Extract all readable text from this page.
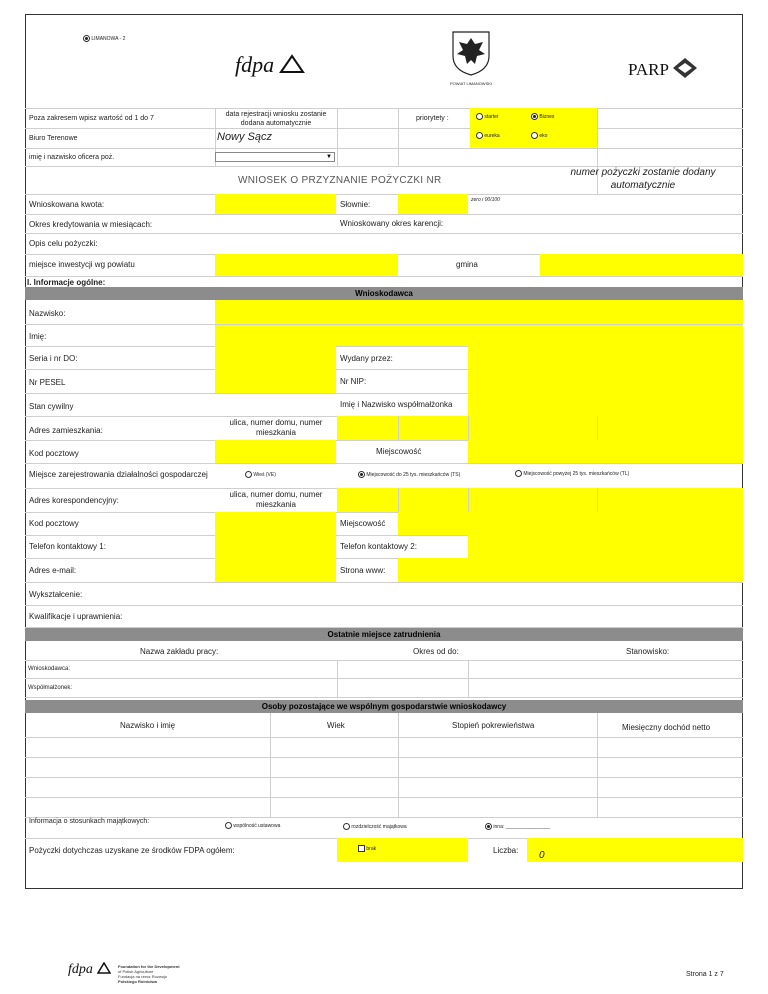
LIMANOWA - 2
fdpa
POWIAT LIMANOWSKI
PARP
Poza zakresem wpisz wartość od 1 do 7
data rejestracji wniosku zostanie dodana automatycznie
priorytety :	starter	Biznes
eureka	eko
Biuro Terenowe	Nowy Sącz
imię i nazwisko oficera poż.	▼
numer pożyczki zostanie dodany automatycznie
WNIOSEK O PRZYZNANIE POŻYCZKI NR
Wnioskowana kwota:	Słownie:	zero i 00/100
Okres kredytowania w miesiącach:	Wnioskowany okres karencji:
Opis celu pożyczki:
miejsce inwestycji wg powiatu	gmina
I. Informacje ogólne:
Wnioskodawca
Nazwisko:
Imię:
Seria i nr DO:	Wydany przez:
Nr PESEL	Nr NIP:
Stan cywilny	Imię i Nazwisko współmałżonka
Adres zamieszkania:
ulica, numer domu, numer mieszkania
Kod pocztowy	Miejscowość
Miejsce zarejestrowania działalności gospodarczej	Wieś (VE)	Miejscowość do 25 tys. mieszkańców (TS)	Miejscowość powyżej 25 tys. mieszkańców (TL)
Adres korespondencyjny:
ulica, numer domu, numer mieszkania
Kod pocztowy	Miejscowość
Telefon kontaktowy 1:	Telefon kontaktowy 2:
Adres e-mail:	Strona www:
Wykształcenie:
Kwalifikacje i uprawnienia:
Ostatnie miejsce zatrudnienia
Nazwa zakładu pracy:	Okres od do:	Stanowisko:
Wnioskodawca:
Współmałżonek:
Osoby pozostające we wspólnym gospodarstwie wnioskodawcy
Nazwisko i imię	Wiek	Stopień pokrewieństwa	Miesięczny dochód netto
Informacja o stosunkach majątkowych:
wspólność ustawowa	rozdzielczość majątkowa	inna: ________________
Pożyczki dotychczas uzyskane ze środków FDPA ogółem:	brak	Liczba: 0
fdpa	Foundation for the Development
of Polish Agriculture
Fundacja na rzecz Rozwoju
Polskiego Rolnictwa
Strona 1 z 7
